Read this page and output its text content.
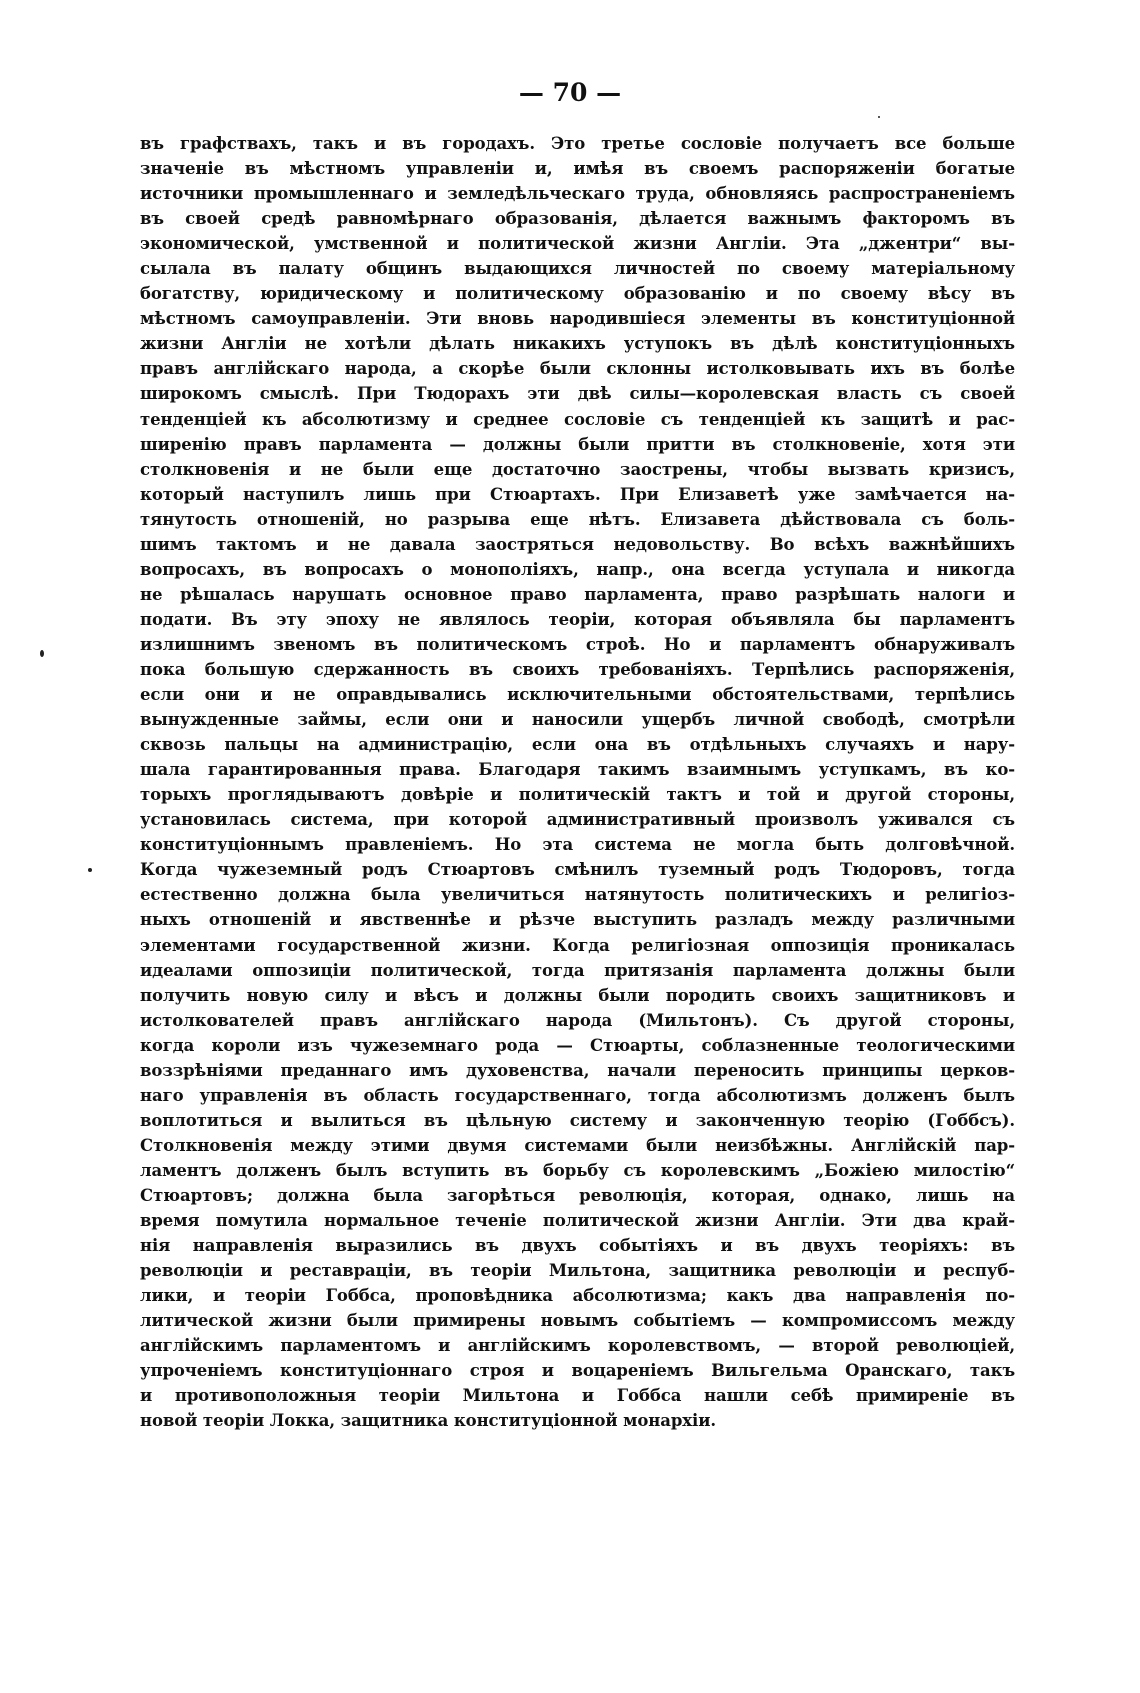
— 70 —
въ графствахъ, такъ и въ городахъ. Это третье сословіе получаетъ все больше
значеніе въ мѣстномъ управленіи и, имѣя въ своемъ распоряженіи богатые
источники промышленнаго и земледѣльческаго труда, обновляясь распространеніемъ
въ своей средѣ равномѣрнаго образованія, дѣлается важнымъ факторомъ въ
экономической, умственной и политической жизни Англіи. Эта „джентри“ вы-
сылала въ палату общинъ выдающихся личностей по своему матеріальному
богатству, юридическому и политическому образованію и по своему вѣсу въ
мѣстномъ самоуправленіи. Эти вновь народившіеся элементы въ конституціонной
жизни Англіи не хотѣли дѣлать никакихъ уступокъ въ дѣлѣ конституціонныхъ
правъ англійскаго народа, а скорѣе были склонны истолковывать ихъ въ болѣе
широкомъ смыслѣ. При Тюдорахъ эти двѣ силы—королевская власть съ своей
тенденціей къ абсолютизму и среднее сословіе съ тенденціей къ защитѣ и рас-
ширенію правъ парламента — должны были притти въ столкновеніе, хотя эти
столкновенія и не были еще достаточно заострены, чтобы вызвать кризисъ,
который наступилъ лишь при Стюартахъ. При Елизаветѣ уже замѣчается на-
тянутость отношеній, но разрыва еще нѣтъ. Елизавета дѣйствовала съ боль-
шимъ тактомъ и не давала заостряться недовольству. Во всѣхъ важнѣйшихъ
вопросахъ, въ вопросахъ о монополіяхъ, напр., она всегда уступала и никогда
не рѣшалась нарушать основное право парламента, право разрѣшать налоги и
подати. Въ эту эпоху не являлось теоріи, которая объявляла бы парламентъ
излишнимъ звеномъ въ политическомъ строѣ. Но и парламентъ обнаруживалъ
пока большую сдержанность въ своихъ требованіяхъ. Терпѣлись распоряженія,
если они и не оправдывались исключительными обстоятельствами, терпѣлись
вынужденные займы, если они и наносили ущербъ личной свободѣ, смотрѣли
сквозь пальцы на администрацію, если она въ отдѣльныхъ случаяхъ и нару-
шала гарантированныя права. Благодаря такимъ взаимнымъ уступкамъ, въ ко-
торыхъ проглядываютъ довѣріе и политическій тактъ и той и другой стороны,
установилась система, при которой административный произволъ уживался съ
конституціоннымъ правленіемъ. Но эта система не могла быть долговѣчной.
Когда чужеземный родъ Стюартовъ смѣнилъ туземный родъ Тюдоровъ, тогда
естественно должна была увеличиться натянутость политическихъ и религіоз-
ныхъ отношеній и явственнѣе и рѣзче выступить разладъ между различными
элементами государственной жизни. Когда религіозная оппозиція проникалась
идеалами оппозиціи политической, тогда притязанія парламента должны были
получить новую силу и вѣсъ и должны были породить своихъ защитниковъ и
истолкователей правъ англійскаго народа (Мильтонъ). Съ другой стороны,
когда короли изъ чужеземнаго рода — Стюарты, соблазненные теологическими
воззрѣніями преданнаго имъ духовенства, начали переносить принципы церков-
наго управленія въ область государственнаго, тогда абсолютизмъ долженъ былъ
воплотиться и вылиться въ цѣльную систему и законченную теорію (Гоббсъ).
Столкновенія между этими двумя системами были неизбѣжны. Англійскій пар-
ламентъ долженъ былъ вступить въ борьбу съ королевскимъ „Божіею милостію“
Стюартовъ; должна была загорѣться революція, которая, однако, лишь на
время помутила нормальное теченіе политической жизни Англіи. Эти два край-
нія направленія выразились въ двухъ событіяхъ и въ двухъ теоріяхъ: въ
революціи и реставраціи, въ теоріи Мильтона, защитника революціи и респуб-
лики, и теоріи Гоббса, проповѣдника абсолютизма; какъ два направленія по-
литической жизни были примирены новымъ событіемъ — компромиссомъ между
англійскимъ парламентомъ и англійскимъ королевствомъ, — второй революціей,
упроченіемъ конституціоннаго строя и воцареніемъ Вильгельма Оранскаго, такъ
и противоположныя теоріи Мильтона и Гоббса нашли себѣ примиреніе въ
новой теоріи Локка, защитника конституціонной монархіи.
